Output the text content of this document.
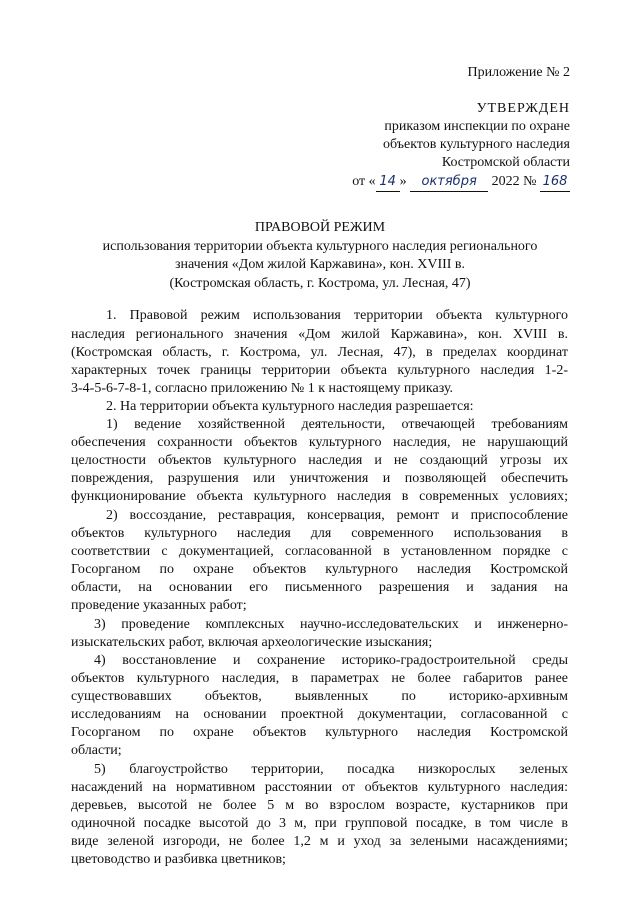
Приложение № 2
УТВЕРЖДЕН
приказом инспекции по охране
объектов культурного наследия
Костромской области
от « 14 » октября 2022 № 168
ПРАВОВОЙ РЕЖИМ
использования территории объекта культурного наследия регионального
значения «Дом жилой Каржавина», кон. XVIII в.
(Костромская область, г. Кострома, ул. Лесная, 47)
1. Правовой режим использования территории объекта культурного
наследия регионального значения «Дом жилой Каржавина», кон. XVIII в.
(Костромская область, г. Кострома, ул. Лесная, 47), в пределах координат
характерных точек границы территории объекта культурного наследия 1-2-
3-4-5-6-7-8-1, согласно приложению № 1 к настоящему приказу.
2. На территории объекта культурного наследия разрешается:
1) ведение хозяйственной деятельности, отвечающей требованиям
обеспечения сохранности объектов культурного наследия, не нарушающий
целостности объектов культурного наследия и не создающий угрозы их
повреждения, разрушения или уничтожения и позволяющей обеспечить
функционирование объекта культурного наследия в современных условиях;
2) воссоздание, реставрация, консервация, ремонт и приспособление
объектов культурного наследия для современного использования в
соответствии с документацией, согласованной в установленном порядке с
Госорганом по охране объектов культурного наследия Костромской
области, на основании его письменного разрешения и задания на
проведение указанных работ;
3) проведение комплексных научно-исследовательских и инженерно-
изыскательских работ, включая археологические изыскания;
4) восстановление и сохранение историко-градостроительной среды
объектов культурного наследия, в параметрах не более габаритов ранее
существовавших объектов, выявленных по историко-архивным
исследованиям на основании проектной документации, согласованной с
Госорганом по охране объектов культурного наследия Костромской
области;
5) благоустройство территории, посадка низкорослых зеленых
насаждений на нормативном расстоянии от объектов культурного наследия:
деревьев, высотой не более 5 м во взрослом возрасте, кустарников при
одиночной посадке высотой до 3 м, при групповой посадке, в том числе в
виде зеленой изгороди, не более 1,2 м и уход за зелеными насаждениями;
цветоводство и разбивка цветников;
